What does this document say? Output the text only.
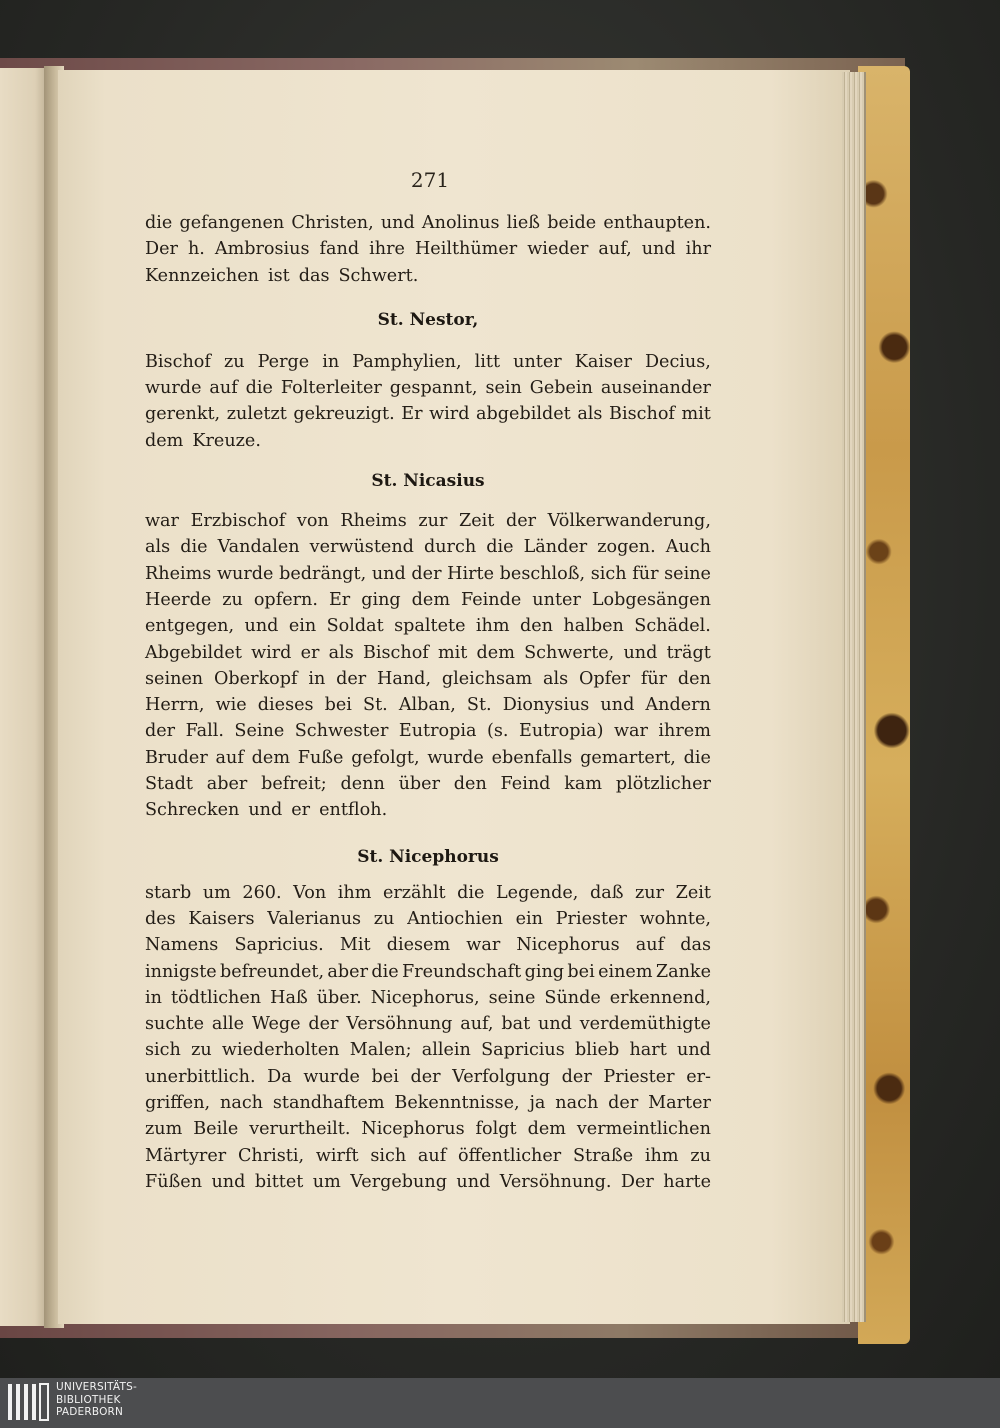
271
die gefangenen Christen, und Anolinus ließ beide enthaupten.
Der h. Ambrosius fand ihre Heilthümer wieder auf, und ihr
Kennzeichen ist das Schwert.
St. Nestor,
Bischof zu Perge in Pamphylien, litt unter Kaiser Decius,
wurde auf die Folterleiter gespannt, sein Gebein auseinander
gerenkt, zuletzt gekreuzigt. Er wird abgebildet als Bischof mit
dem Kreuze.
St. Nicasius
war Erzbischof von Rheims zur Zeit der Völkerwanderung,
als die Vandalen verwüstend durch die Länder zogen. Auch
Rheims wurde bedrängt, und der Hirte beschloß, sich für seine
Heerde zu opfern. Er ging dem Feinde unter Lobgesängen
entgegen, und ein Soldat spaltete ihm den halben Schädel.
Abgebildet wird er als Bischof mit dem Schwerte, und trägt
seinen Oberkopf in der Hand, gleichsam als Opfer für den
Herrn, wie dieses bei St. Alban, St. Dionysius und Andern
der Fall. Seine Schwester Eutropia (s. Eutropia) war ihrem
Bruder auf dem Fuße gefolgt, wurde ebenfalls gemartert, die
Stadt aber befreit; denn über den Feind kam plötzlicher
Schrecken und er entfloh.
St. Nicephorus
starb um 260. Von ihm erzählt die Legende, daß zur Zeit
des Kaisers Valerianus zu Antiochien ein Priester wohnte,
Namens Sapricius. Mit diesem war Nicephorus auf das
innigste befreundet, aber die Freundschaft ging bei einem Zanke
in tödtlichen Haß über. Nicephorus, seine Sünde erkennend,
suchte alle Wege der Versöhnung auf, bat und verdemüthigte
sich zu wiederholten Malen; allein Sapricius blieb hart und
unerbittlich. Da wurde bei der Verfolgung der Priester er-
griffen, nach standhaftem Bekenntnisse, ja nach der Marter
zum Beile verurtheilt. Nicephorus folgt dem vermeintlichen
Märtyrer Christi, wirft sich auf öffentlicher Straße ihm zu
Füßen und bittet um Vergebung und Versöhnung. Der harte
UNIVERSITÄTS-
BIBLIOTHEK
PADERBORN
